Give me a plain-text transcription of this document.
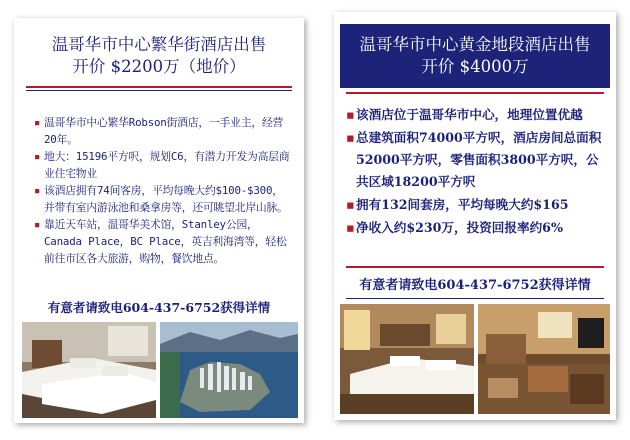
温哥华市中心繁华街酒店出售
开价 $2200万（地价）
▪ 温哥华市中心繁华Robson街酒店，一手业主，经营20年。
▪ 地大：15196平方呎，规划C6，有潜力开发为高层商业住宅物业
▪ 该酒店拥有74间客房，平均每晚大约$100-$300，并带有室内游泳池和桑拿房等，还可眺望北岸山脉。
▪ 靠近天车站，温哥华美术馆，Stanley公园，Canada Place，BC Place，英吉利海湾等，轻松前往市区各大旅游，购物，餐饮地点。
有意者请致电604-437-6752获得详情
温哥华市中心黄金地段酒店出售
开价 $4000万
▪ 该酒店位于温哥华市中心，地理位置优越
▪ 总建筑面积74000平方呎，酒店房间总面积52000平方呎，零售面积3800平方呎，公共区域18200平方呎
▪ 拥有132间套房，平均每晚大约$165
▪ 净收入约$230万，投资回报率约6%
有意者请致电604-437-6752获得详情
